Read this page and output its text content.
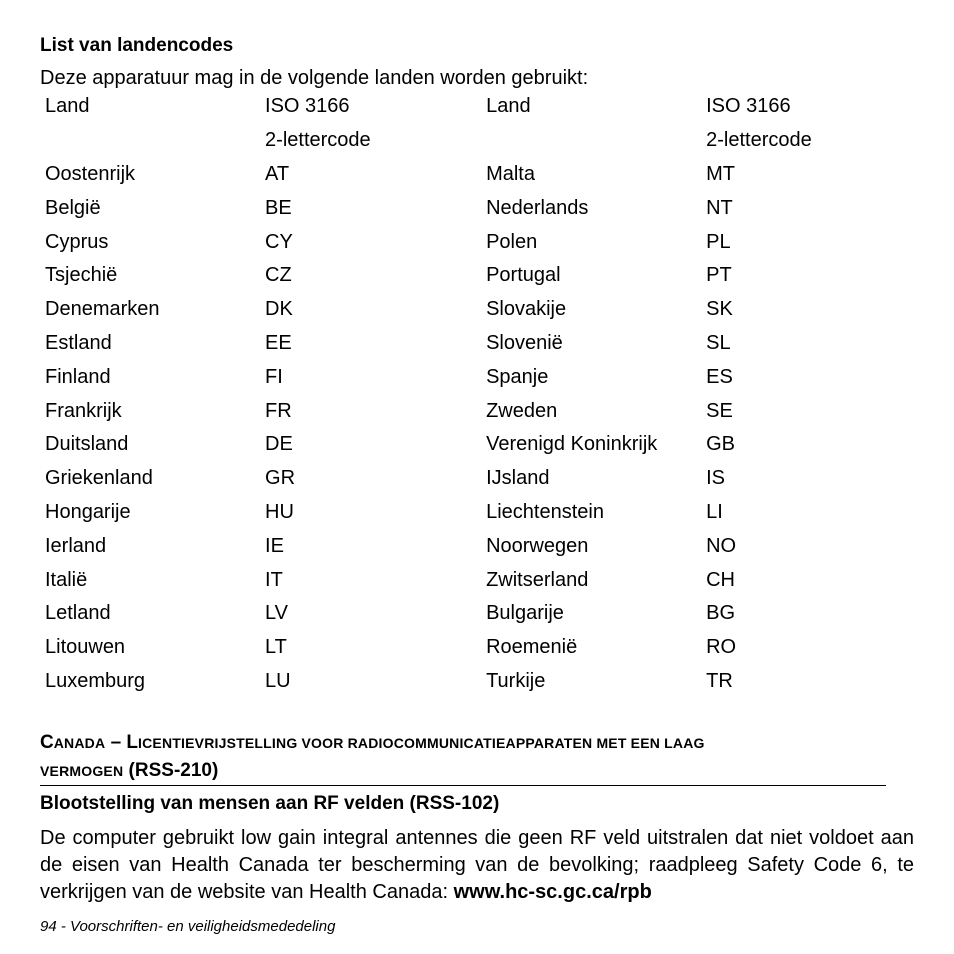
List van landencodes
Deze apparatuur mag in de volgende landen worden gebruikt:
Land	ISO 3166	Land	ISO 3166
	2-lettercode		2-lettercode
Oostenrijk	AT	Malta	MT
België	BE	Nederlands	NT
Cyprus	CY	Polen	PL
Tsjechië	CZ	Portugal	PT
Denemarken	DK	Slovakije	SK
Estland	EE	Slovenië	SL
Finland	FI	Spanje	ES
Frankrijk	FR	Zweden	SE
Duitsland	DE	Verenigd Koninkrijk	GB
Griekenland	GR	IJsland	IS
Hongarije	HU	Liechtenstein	LI
Ierland	IE	Noorwegen	NO
Italië	IT	Zwitserland	CH
Letland	LV	Bulgarije	BG
Litouwen	LT	Roemenië	RO
Luxemburg	LU	Turkije	TR
CANADA – LICENTIEVRIJSTELLING VOOR RADIOCOMMUNICATIEAPPARATEN MET EEN LAAG
VERMOGEN (RSS-210)
Blootstelling van mensen aan RF velden (RSS-102)
De computer gebruikt low gain integral antennes die geen RF veld uitstralen dat niet voldoet aan de eisen van Health Canada ter bescherming van de bevolking; raadpleeg Safety Code 6, te verkrijgen van de website van Health Canada: www.hc-sc.gc.ca/rpb
94 - Voorschriften- en veiligheidsmededeling
